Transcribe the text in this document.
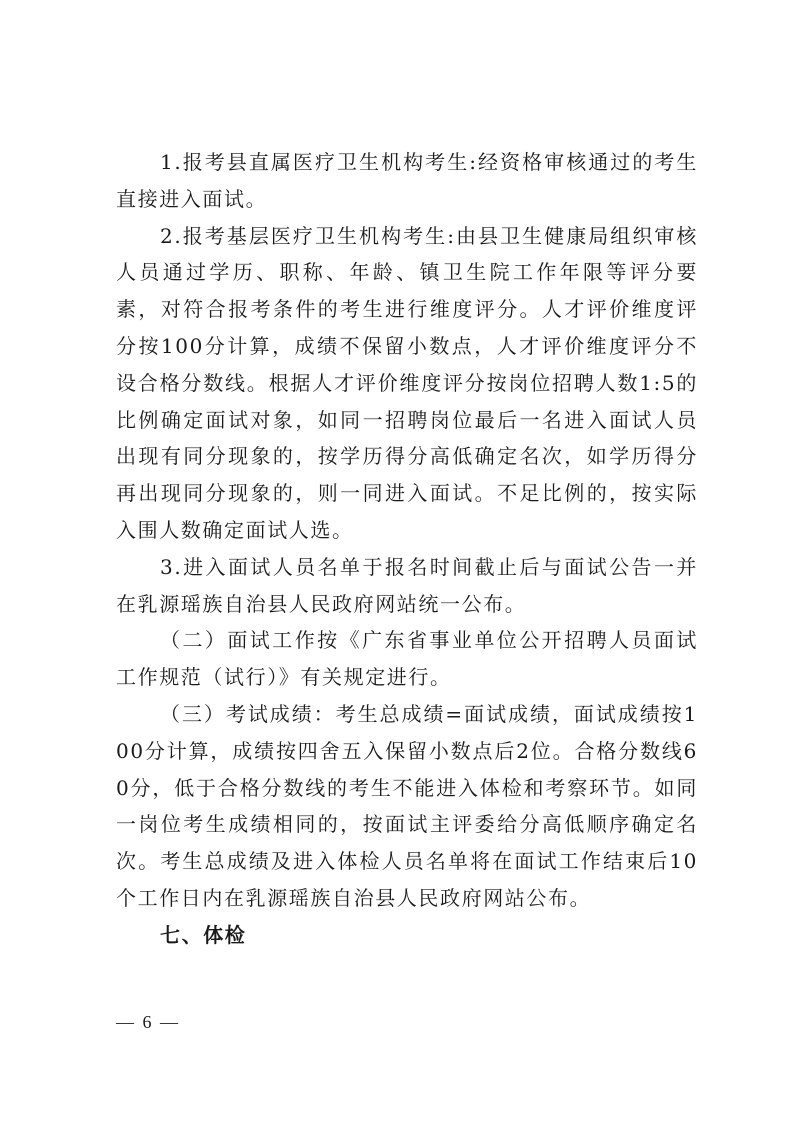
1.报考县直属医疗卫生机构考生:经资格审核通过的考生直接进入面试。

2.报考基层医疗卫生机构考生:由县卫生健康局组织审核人员通过学历、职称、年龄、镇卫生院工作年限等评分要素，对符合报考条件的考生进行维度评分。人才评价维度评分按100分计算，成绩不保留小数点，人才评价维度评分不设合格分数线。根据人才评价维度评分按岗位招聘人数1:5的比例确定面试对象，如同一招聘岗位最后一名进入面试人员出现有同分现象的，按学历得分高低确定名次，如学历得分再出现同分现象的，则一同进入面试。不足比例的，按实际入围人数确定面试人选。

3.进入面试人员名单于报名时间截止后与面试公告一并在乳源瑶族自治县人民政府网站统一公布。

（二）面试工作按《广东省事业单位公开招聘人员面试工作规范（试行）》有关规定进行。

（三）考试成绩：考生总成绩=面试成绩，面试成绩按100分计算，成绩按四舍五入保留小数点后2位。合格分数线60分，低于合格分数线的考生不能进入体检和考察环节。如同一岗位考生成绩相同的，按面试主评委给分高低顺序确定名次。考生总成绩及进入体检人员名单将在面试工作结束后10个工作日内在乳源瑶族自治县人民政府网站公布。

七、体检

— 6 —
